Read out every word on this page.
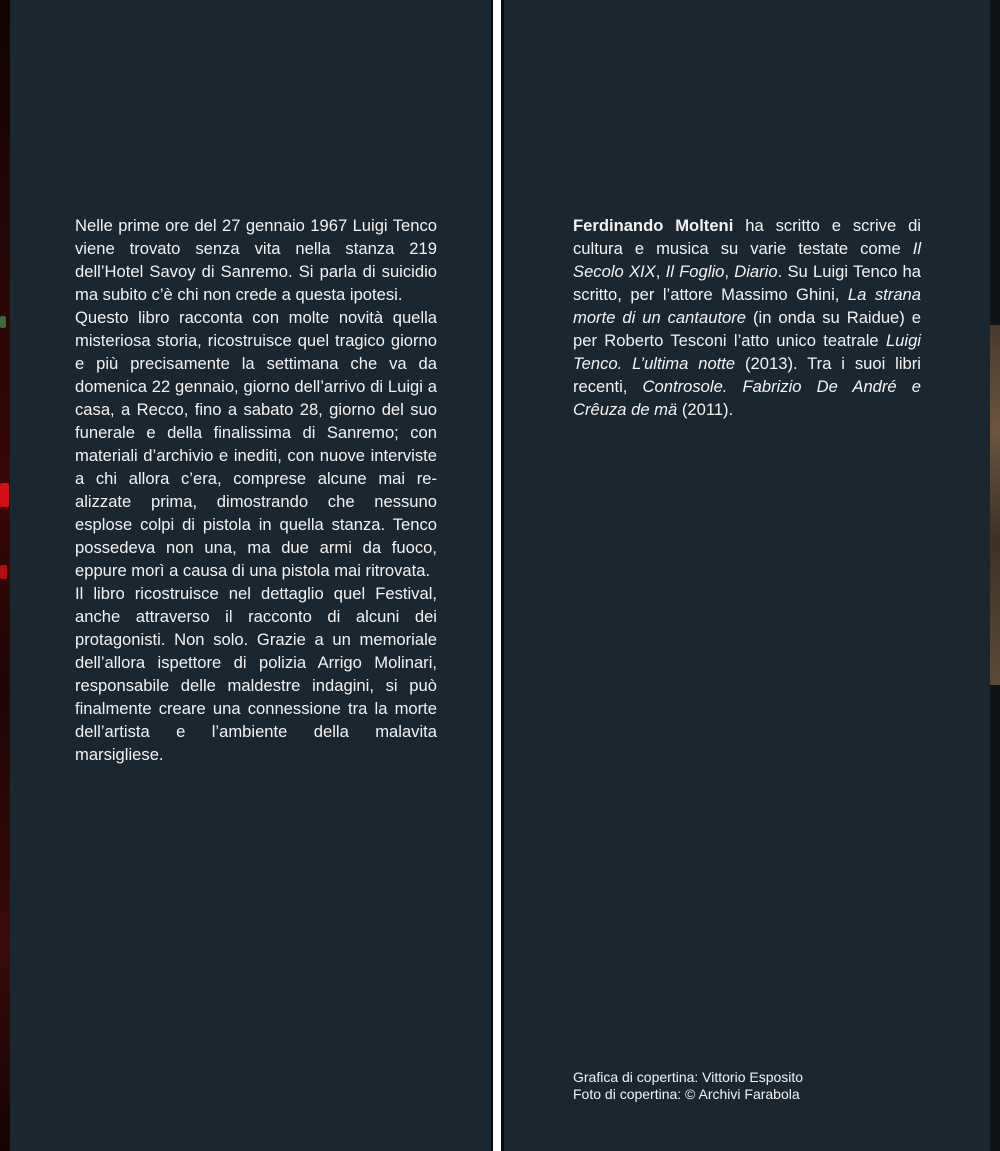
Nelle prime ore del 27 gennaio 1967 Luigi Tenco viene trovato senza vita nella stanza 219 dell’Hotel Savoy di Sanremo. Si parla di suicidio ma subito c’è chi non crede a questa ipotesi.

Questo libro racconta con molte novità quella misteriosa storia, ricostruisce quel tragico giorno e più precisamente la settimana che va da domenica 22 gennaio, giorno dell’arrivo di Luigi a casa, a Recco, fino a sabato 28, giorno del suo funerale e della finalissima di Sanremo; con materiali d’archivio e inediti, con nuove interviste a chi allora c’era, comprese alcune mai realizzate prima, dimostrando che nessuno esplose colpi di pistola in quella stanza. Tenco possedeva non una, ma due armi da fuoco, eppure morì a causa di una pistola mai ritrovata.

Il libro ricostruisce nel dettaglio quel Festival, anche attraverso il racconto di alcuni dei protagonisti. Non solo. Grazie a un memoriale dell’allora ispettore di polizia Arrigo Molinari, responsabile delle maldestre indagini, si può finalmente creare una connessione tra la morte dell’artista e l’ambiente della malavita marsigliese.

Ferdinando Molteni ha scritto e scrive di cultura e musica su varie testate come Il Secolo XIX, Il Foglio, Diario. Su Luigi Tenco ha scritto, per l’attore Massimo Ghini, La strana morte di un cantautore (in onda su Raidue) e per Roberto Tesconi l’atto unico teatrale Luigi Tenco. L’ultima notte (2013). Tra i suoi libri recenti, Controsole. Fabrizio De André e Crêuza de mä (2011).

Grafica di copertina: Vittorio Esposito
Foto di copertina: © Archivi Farabola
